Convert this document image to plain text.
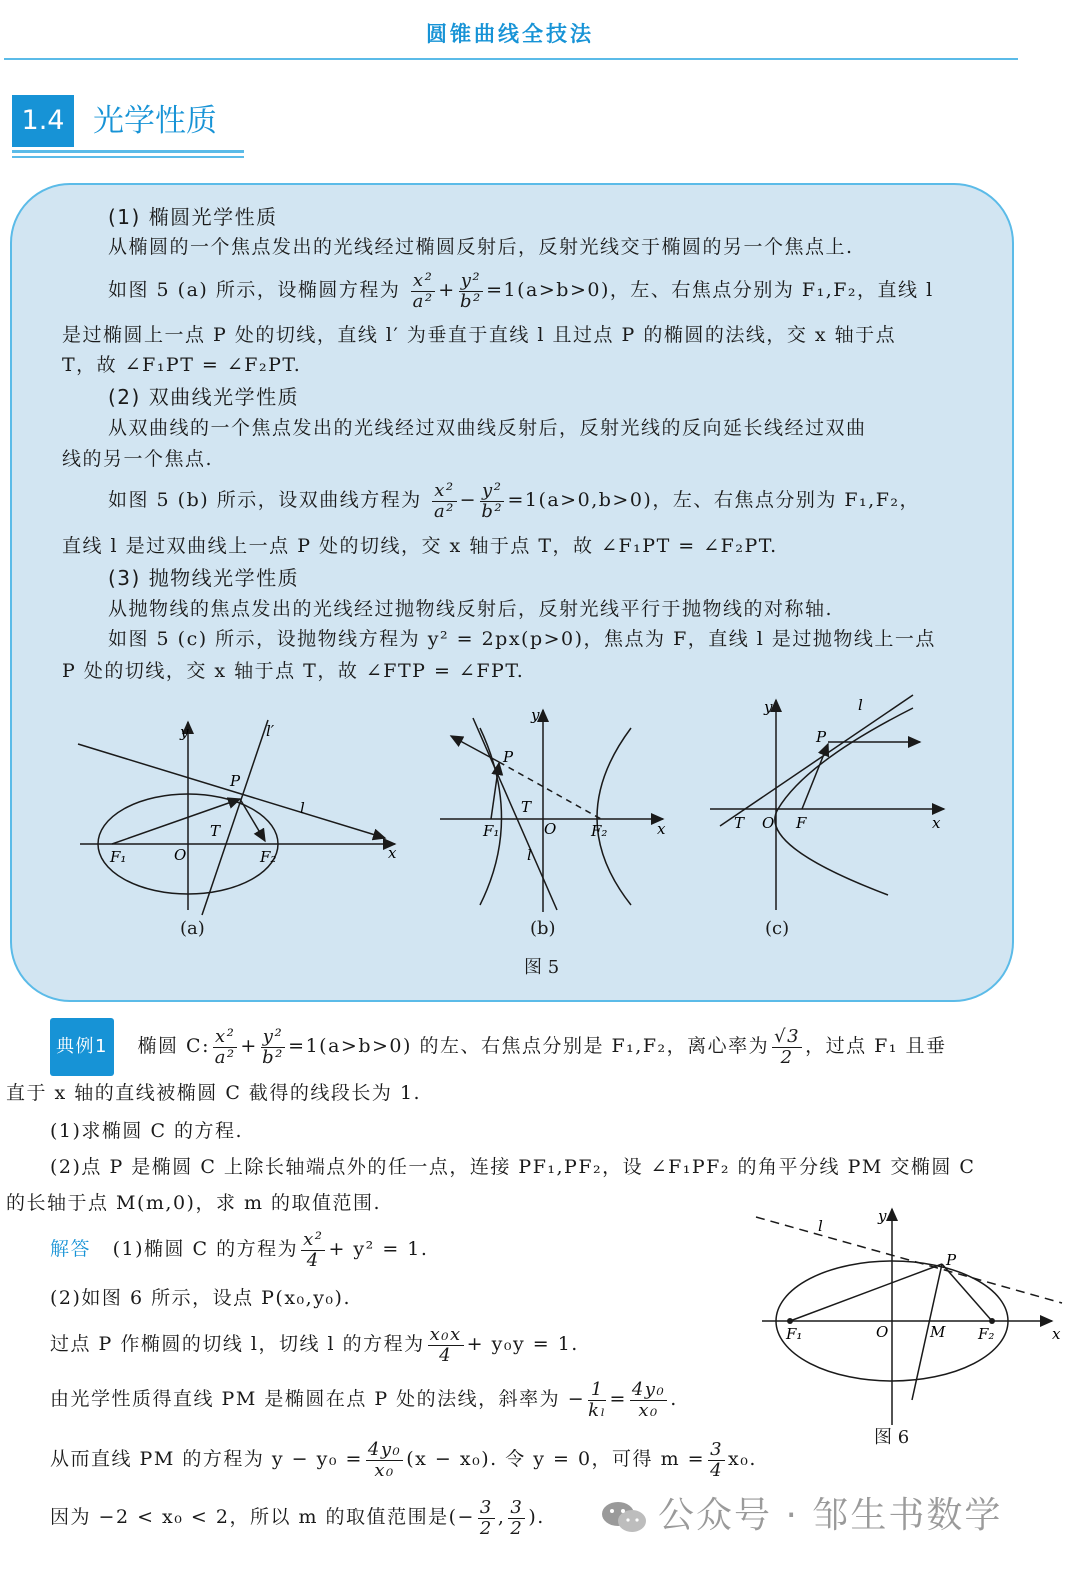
圆锥曲线全技法
1.4 光学性质
(1) 椭圆光学性质
从椭圆的一个焦点发出的光线经过椭圆反射后，反射光线交于椭圆的另一个焦点上.
如图 5 (a) 所示，设椭圆方程为 $\frac{\text{x²}}{\text{a²}} + \frac{\text{y²}}{\text{b²}} =1(a>b>0)$，左、右焦点分别为 F₁,F₂，直线 l
是过椭圆上一点 P 处的切线，直线 l′ 为垂直于直线 l 且过点 P 的椭圆的法线，交 x 轴于点
T，故 ∠F₁PT = ∠F₂PT.
(2) 双曲线光学性质
从双曲线的一个焦点发出的光线经过双曲线反射后，反射光线的反向延长线经过双曲
线的另一个焦点.
如图 5 (b) 所示，设双曲线方程为 $\frac{\text{x²}}{\text{a²}} - \frac{\text{y²}}{\text{b²}} =1(a>0,b>0)$，左、右焦点分别为 F₁,F₂，
直线 l 是过双曲线上一点 P 处的切线，交 x 轴于点 T，故 ∠F₁PT = ∠F₂PT.
(3) 抛物线光学性质
从抛物线的焦点发出的光线经过抛物线反射后，反射光线平行于抛物线的对称轴.
如图 5 (c) 所示，设抛物线方程为 y² = 2px(p>0)，焦点为 F，直线 l 是过抛物线上一点
P 处的切线，交 x 轴于点 T，故 ∠FTP = ∠FPT.
y
x
O
P
T
F₁	F₂
l
l′
(a)
y
x
O
P
T
F₁	F₂
l
(b)
y
x
O
P
T	F
l
(c)
图 5
典例1 椭圆 C: $\frac{\text{x²}}{\text{a²}} + \frac{\text{y²}}{\text{b²}} =1(a>b>0)$ 的左、右焦点分别是 F₁,F₂，离心率为 $\frac{√3}{2}$ ，过点 F₁ 且垂
直于 x 轴的直线被椭圆 C 截得的线段长为 1.
(1)求椭圆 C 的方程.
(2)点 P 是椭圆 C 上除长轴端点外的任一点，连接 PF₁,PF₂，设 ∠F₁PF₂ 的角平分线 PM 交椭圆 C
的长轴于点 M(m,0)，求 m 的取值范围.
解答 (1)椭圆 C 的方程为 $\frac{\text{x²}}{4} + y^2 = 1$.
(2)如图 6 所示，设点 P(x₀,y₀).
过点 P 作椭圆的切线 l，切线 l 的方程为 $\frac{\text{x₀x}}{4} + y_0y = 1$.
由光学性质得直线 PM 是椭圆在点 P 处的法线，斜率为 − $\frac{1}{\text{kₗ}} = \frac{\text{4y₀}}{\text{x₀}}$ .
从而直线 PM 的方程为 $y - y_0 = \frac{\text{4y₀}}{\text{x₀}} (x - x_0)$. 令 y = 0，可得 $m = \frac{3}{4} x_0$.
因为 −2 < x₀ < 2，所以 m 的取值范围是(− $\frac{3}{2}$ , $\frac{3}{2}$ ).
y
x
O
P
M
F₁	F₂
l
图 6
公众号 · 邹生书数学
